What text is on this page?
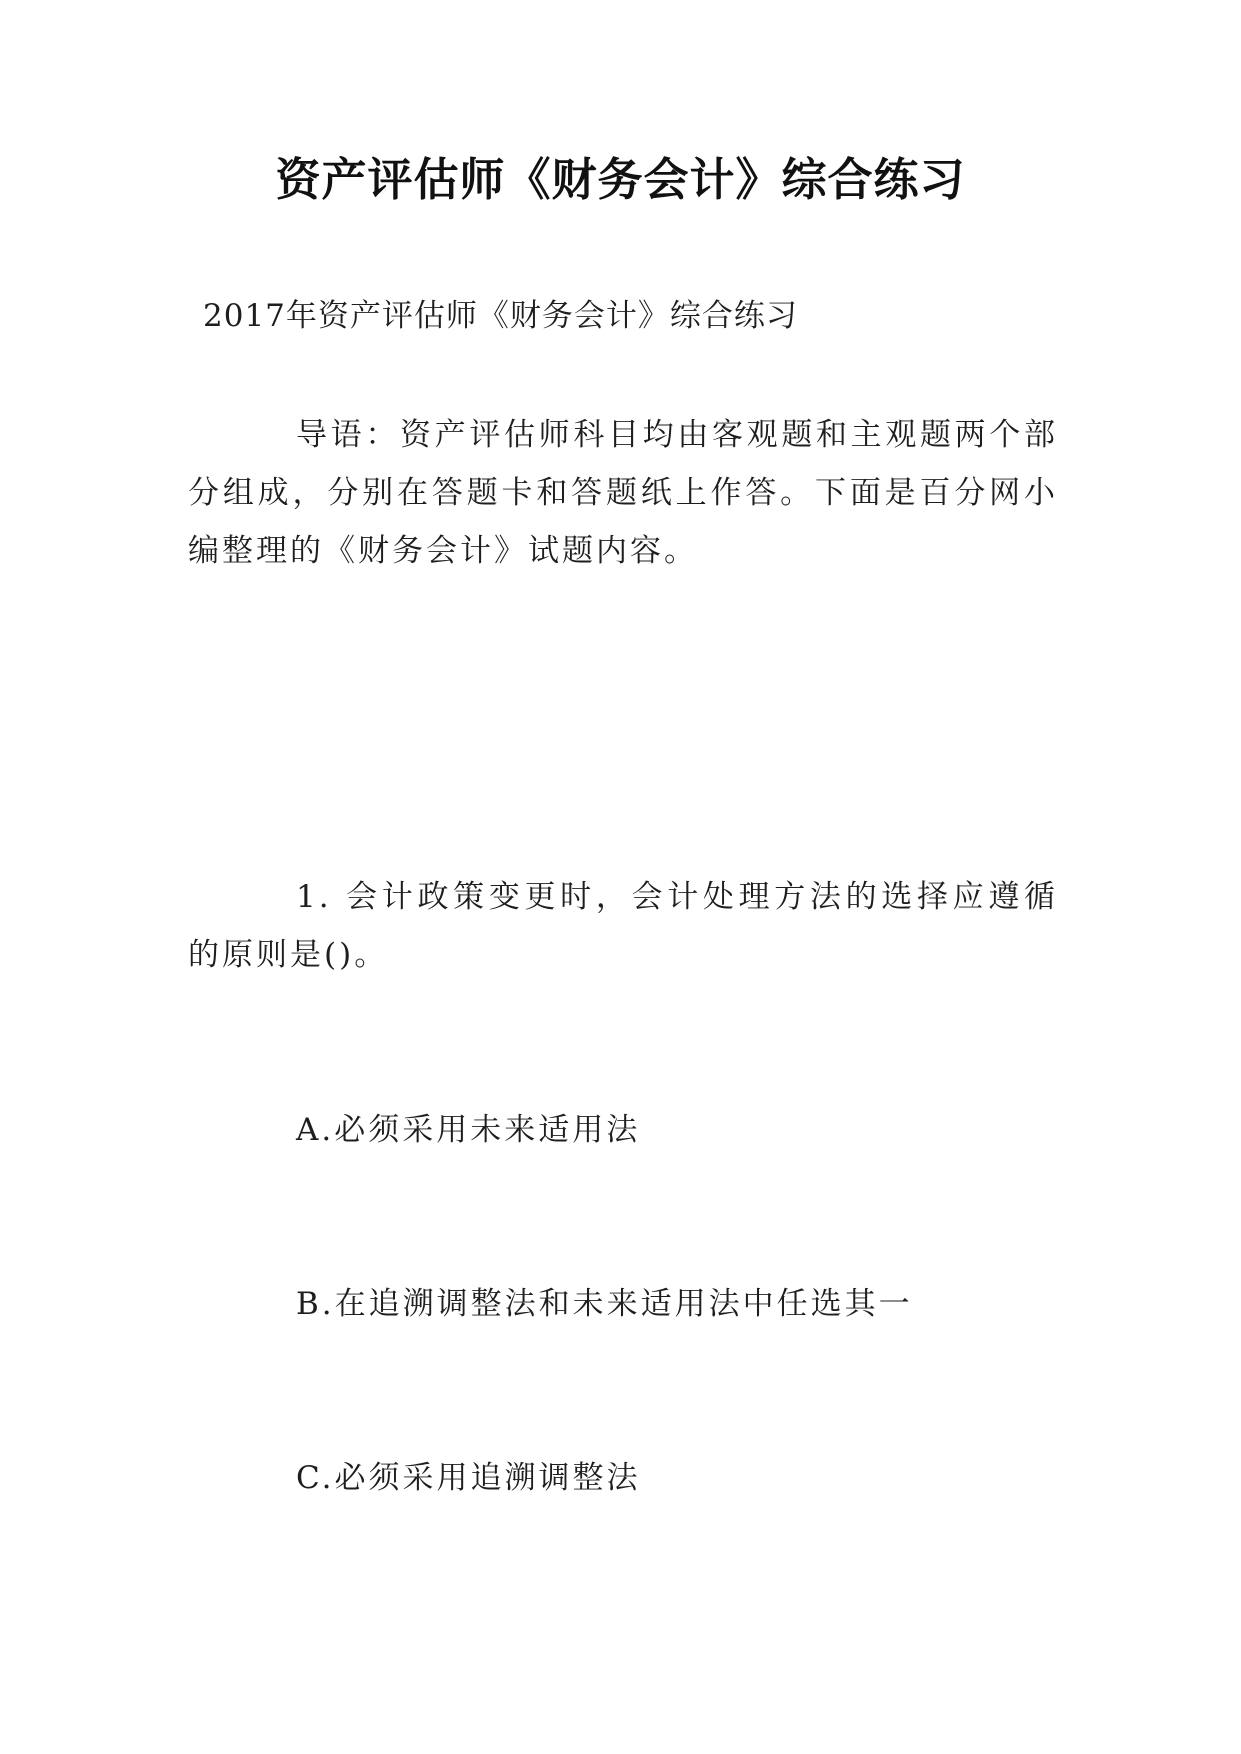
资产评估师《财务会计》综合练习
2017年资产评估师《财务会计》综合练习
导语：资产评估师科目均由客观题和主观题两个部分组成，分别在答题卡和答题纸上作答。下面是百分网小编整理的《财务会计》试题内容。
1. 会计政策变更时，会计处理方法的选择应遵循的原则是()。
A.必须采用未来适用法
B.在追溯调整法和未来适用法中任选其一
C.必须采用追溯调整法
